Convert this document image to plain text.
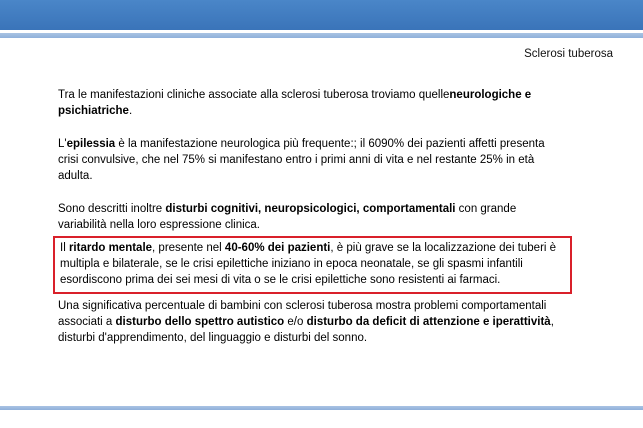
Sclerosi tuberosa

Tra le manifestazioni cliniche associate alla sclerosi tuberosa troviamo quelleneurologiche e psichiatriche.

L'epilessia è la manifestazione neurologica più frequente:; il 6090% dei pazienti affetti presenta crisi convulsive, che nel 75% si manifestano entro i primi anni di vita e nel restante 25% in età adulta.

Sono descritti inoltre disturbi cognitivi, neuropsicologici, comportamentali con grande variabilità nella loro espressione clinica.

Il ritardo mentale, presente nel 40-60% dei pazienti, è più grave se la localizzazione dei tuberi è multipla e bilaterale, se le crisi epilettiche iniziano in epoca neonatale, se gli spasmi infantili esordiscono prima dei sei mesi di vita o se le crisi epilettiche sono resistenti ai farmaci.
Una significativa percentuale di bambini con sclerosi tuberosa mostra problemi comportamentali associati a disturbo dello spettro autistico e/o disturbo da deficit di attenzione e iperattività, disturbi d'apprendimento, del linguaggio e disturbi del sonno.
